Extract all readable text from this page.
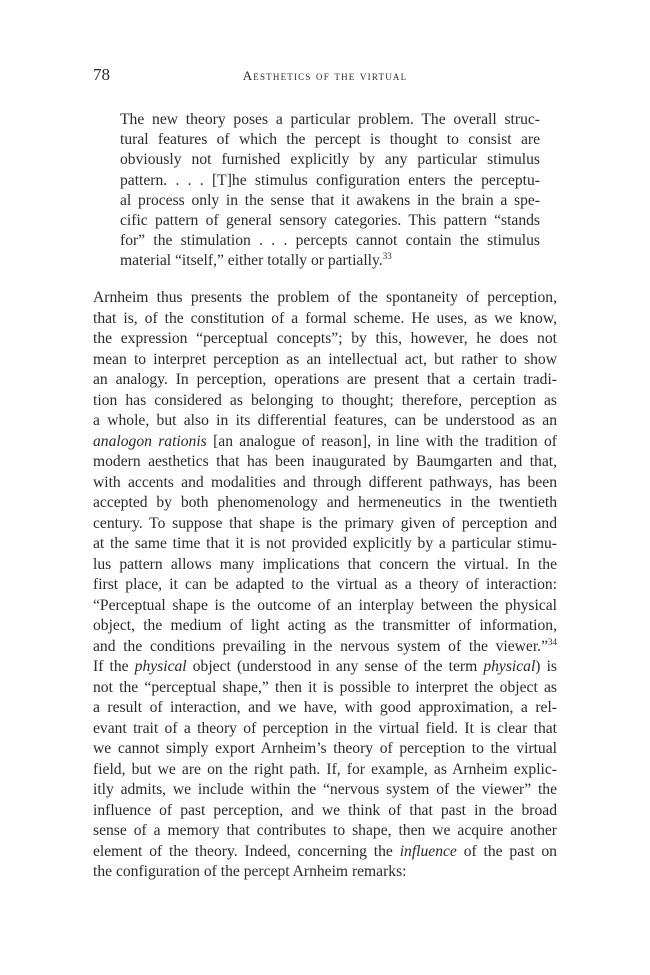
78	aesthetics of the virtual
The new theory poses a particular problem. The overall struc-
tural features of which the percept is thought to consist are
obviously not furnished explicitly by any particular stimulus
pattern. . . . [T]he stimulus configuration enters the perceptu-
al process only in the sense that it awakens in the brain a spe-
cific pattern of general sensory categories. This pattern “stands
for” the stimulation . . . percepts cannot contain the stimulus
material “itself,” either totally or partially.$^{33}$
Arnheim thus presents the problem of the spontaneity of perception,
that is, of the constitution of a formal scheme. He uses, as we know,
the expression “perceptual concepts”; by this, however, he does not
mean to interpret perception as an intellectual act, but rather to show
an analogy. In perception, operations are present that a certain tradi-
tion has considered as belonging to thought; therefore, perception as
a whole, but also in its differential features, can be understood as an
analogon rationis [an analogue of reason], in line with the tradition of
modern aesthetics that has been inaugurated by Baumgarten and that,
with accents and modalities and through different pathways, has been
accepted by both phenomenology and hermeneutics in the twentieth
century. To suppose that shape is the primary given of perception and
at the same time that it is not provided explicitly by a particular stimu-
lus pattern allows many implications that concern the virtual. In the
first place, it can be adapted to the virtual as a theory of interaction:
“Perceptual shape is the outcome of an interplay between the physical
object, the medium of light acting as the transmitter of information,
and the conditions prevailing in the nervous system of the viewer.”$^{34}$
If the physical object (understood in any sense of the term physical) is
not the “perceptual shape,” then it is possible to interpret the object as
a result of interaction, and we have, with good approximation, a rel-
evant trait of a theory of perception in the virtual field. It is clear that
we cannot simply export Arnheim’s theory of perception to the virtual
field, but we are on the right path. If, for example, as Arnheim explic-
itly admits, we include within the “nervous system of the viewer” the
influence of past perception, and we think of that past in the broad
sense of a memory that contributes to shape, then we acquire another
element of the theory. Indeed, concerning the influence of the past on
the configuration of the percept Arnheim remarks:
